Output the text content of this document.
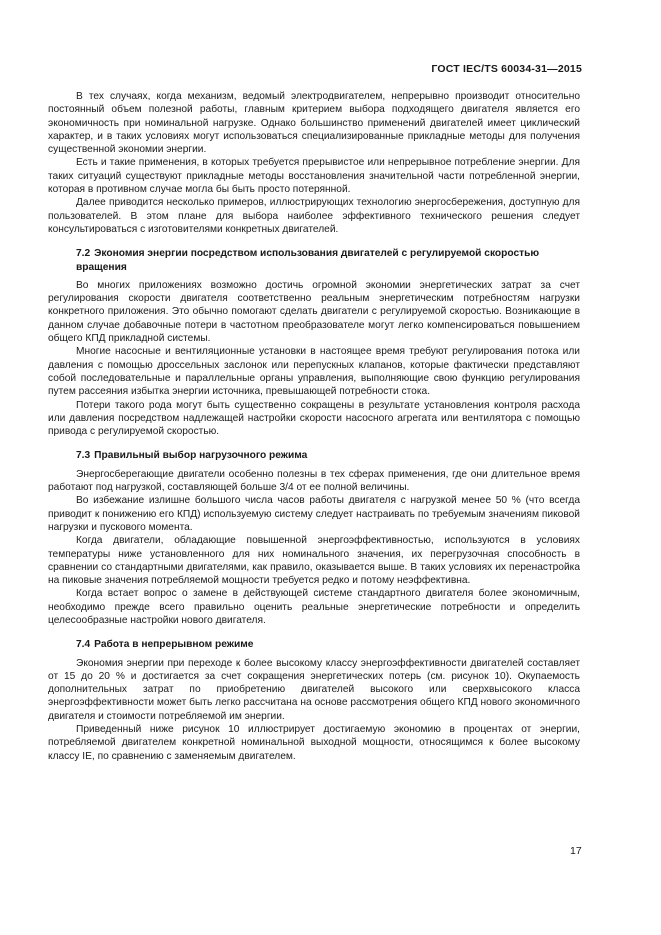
ГОСТ IEC/TS 60034-31—2015

В тех случаях, когда механизм, ведомый электродвигателем, непрерывно производит относительно постоянный объем полезной работы, главным критерием выбора подходящего двигателя является его экономичность при номинальной нагрузке. Однако большинство применений двигателей имеет циклический характер, и в таких условиях могут использоваться специализированные прикладные методы для получения существенной экономии энергии.

Есть и такие применения, в которых требуется прерывистое или непрерывное потребление энергии. Для таких ситуаций существуют прикладные методы восстановления значительной части потребленной энергии, которая в противном случае могла бы быть просто потерянной.

Далее приводится несколько примеров, иллюстрирующих технологию энергосбережения, доступную для пользователей. В этом плане для выбора наиболее эффективного технического решения следует консультироваться с изготовителями конкретных двигателей.

7.2 Экономия энергии посредством использования двигателей с регулируемой скоростью вращения

Во многих приложениях возможно достичь огромной экономии энергетических затрат за счет регулирования скорости двигателя соответственно реальным энергетическим потребностям нагрузки конкретного приложения. Это обычно помогают сделать двигатели с регулируемой скоростью. Возникающие в данном случае добавочные потери в частотном преобразователе могут легко компенсироваться повышением общего КПД прикладной системы.

Многие насосные и вентиляционные установки в настоящее время требуют регулирования потока или давления с помощью дроссельных заслонок или перепускных клапанов, которые фактически представляют собой последовательные и параллельные органы управления, выполняющие свою функцию регулирования путем рассеяния избытка энергии источника, превышающей потребности стока.

Потери такого рода могут быть существенно сокращены в результате установления контроля расхода или давления посредством надлежащей настройки скорости насосного агрегата или вентилятора с помощью привода с регулируемой скоростью.

7.3 Правильный выбор нагрузочного режима

Энергосберегающие двигатели особенно полезны в тех сферах применения, где они длительное время работают под нагрузкой, составляющей больше 3/4 от ее полной величины.

Во избежание излишне большого числа часов работы двигателя с нагрузкой менее 50 % (что всегда приводит к понижению его КПД) используемую систему следует настраивать по требуемым значениям пиковой нагрузки и пускового момента.

Когда двигатели, обладающие повышенной энергоэффективностью, используются в условиях температуры ниже установленного для них номинального значения, их перегрузочная способность в сравнении со стандартными двигателями, как правило, оказывается выше. В таких условиях их перенастройка на пиковые значения потребляемой мощности требуется редко и потому неэффективна.

Когда встает вопрос о замене в действующей системе стандартного двигателя более экономичным, необходимо прежде всего правильно оценить реальные энергетические потребности и определить целесообразные настройки нового двигателя.

7.4 Работа в непрерывном режиме

Экономия энергии при переходе к более высокому классу энергоэффективности двигателей составляет от 15 до 20 % и достигается за счет сокращения энергетических потерь (см. рисунок 10). Окупаемость дополнительных затрат по приобретению двигателей высокого или сверхвысокого класса энергоэффективности может быть легко рассчитана на основе рассмотрения общего КПД нового экономичного двигателя и стоимости потребляемой им энергии.

Приведенный ниже рисунок 10 иллюстрирует достигаемую экономию в процентах от энергии, потребляемой двигателем конкретной номинальной выходной мощности, относящимся к более высокому классу IE, по сравнению с заменяемым двигателем.

17
